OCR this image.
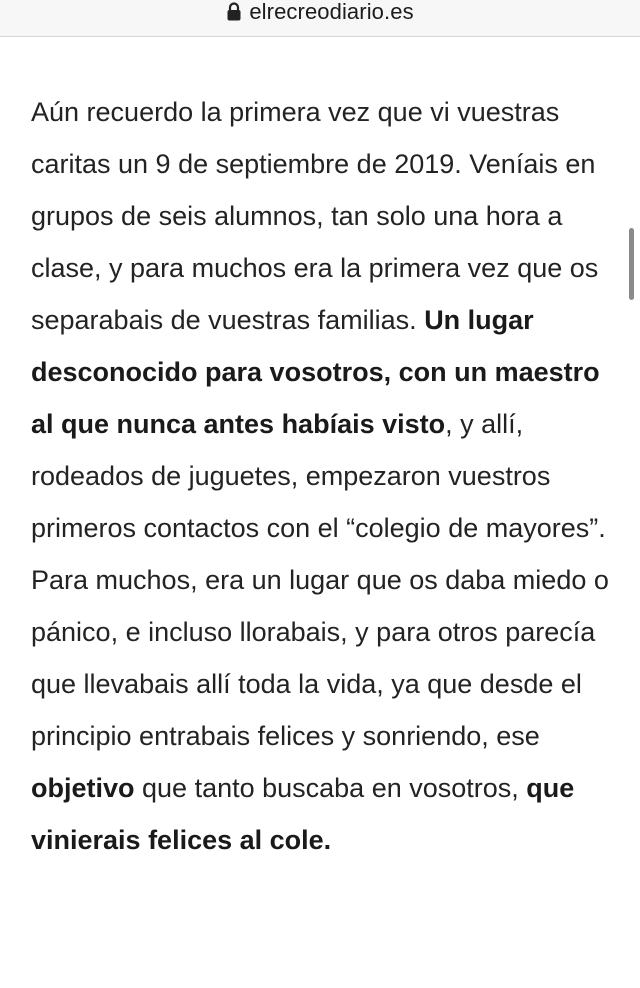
elrecreodiario.es

Aún recuerdo la primera vez que vi vuestras caritas un 9 de septiembre de 2019. Veníais en grupos de seis alumnos, tan solo una hora a clase, y para muchos era la primera vez que os separabais de vuestras familias. Un lugar desconocido para vosotros, con un maestro al que nunca antes habíais visto, y allí, rodeados de juguetes, empezaron vuestros primeros contactos con el “colegio de mayores”. Para muchos, era un lugar que os daba miedo o pánico, e incluso llorabais, y para otros parecía que llevabais allí toda la vida, ya que desde el principio entrabais felices y sonriendo, ese objetivo que tanto buscaba en vosotros, que vinierais felices al cole.
